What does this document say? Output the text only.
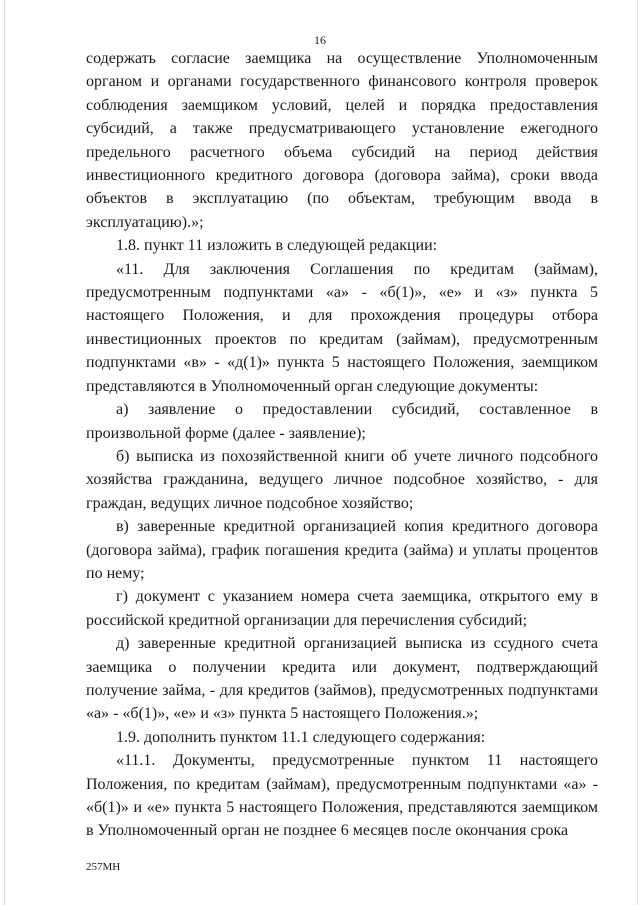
16

содержать согласие заемщика на осуществление Уполномоченным органом и органами государственного финансового контроля проверок соблюдения заемщиком условий, целей и порядка предоставления субсидий, а также предусматривающего установление ежегодного предельного расчетного объема субсидий на период действия инвестиционного кредитного договора (договора займа), сроки ввода объектов в эксплуатацию (по объектам, требующим ввода в эксплуатацию).»;

1.8. пункт 11 изложить в следующей редакции:

«11. Для заключения Соглашения по кредитам (займам), предусмотренным подпунктами «а» - «б(1)», «е» и «з» пункта 5 настоящего Положения, и для прохождения процедуры отбора инвестиционных проектов по кредитам (займам), предусмотренным подпунктами «в» - «д(1)» пункта 5 настоящего Положения, заемщиком представляются в Уполномоченный орган следующие документы:

а) заявление о предоставлении субсидий, составленное в произвольной форме (далее - заявление);

б) выписка из похозяйственной книги об учете личного подсобного хозяйства гражданина, ведущего личное подсобное хозяйство, - для граждан, ведущих личное подсобное хозяйство;

в) заверенные кредитной организацией копия кредитного договора (договора займа), график погашения кредита (займа) и уплаты процентов по нему;

г) документ с указанием номера счета заемщика, открытого ему в российской кредитной организации для перечисления субсидий;

д) заверенные кредитной организацией выписка из ссудного счета заемщика о получении кредита или документ, подтверждающий получение займа, - для кредитов (займов), предусмотренных подпунктами «а» - «б(1)», «е» и «з» пункта 5 настоящего Положения.»;

1.9. дополнить пунктом 11.1 следующего содержания:

«11.1. Документы, предусмотренные пунктом 11 настоящего Положения, по кредитам (займам), предусмотренным подпунктами «а» - «б(1)» и «е» пункта 5 настоящего Положения, представляются заемщиком в Уполномоченный орган не позднее 6 месяцев после окончания срока

257МН
